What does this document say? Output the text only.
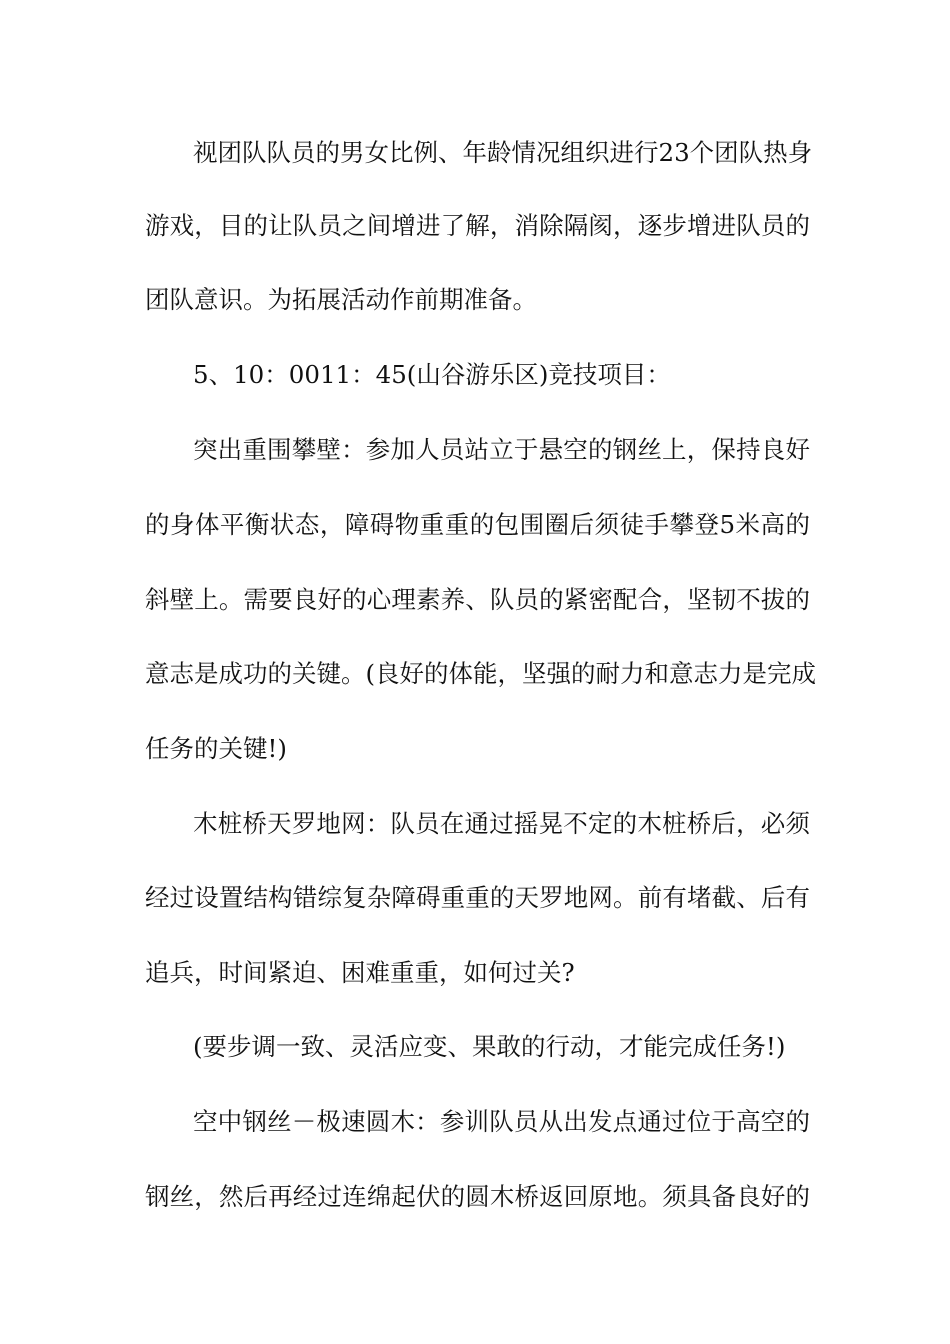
视团队队员的男女比例、年龄情况组织进行23个团队热身
游戏，目的让队员之间增进了解，消除隔阂，逐步增进队员的
团队意识。为拓展活动作前期准备。
5、10：0011：45(山谷游乐区)竞技项目：
突出重围攀壁：参加人员站立于悬空的钢丝上，保持良好
的身体平衡状态，障碍物重重的包围圈后须徒手攀登5米高的
斜壁上。需要良好的心理素养、队员的紧密配合，坚韧不拔的
意志是成功的关键。(良好的体能，坚强的耐力和意志力是完成
任务的关键!)
木桩桥天罗地网：队员在通过摇晃不定的木桩桥后，必须
经过设置结构错综复杂障碍重重的天罗地网。前有堵截、后有
追兵，时间紧迫、困难重重，如何过关?
(要步调一致、灵活应变、果敢的行动，才能完成任务!)
空中钢丝－极速圆木：参训队员从出发点通过位于高空的
钢丝，然后再经过连绵起伏的圆木桥返回原地。须具备良好的
